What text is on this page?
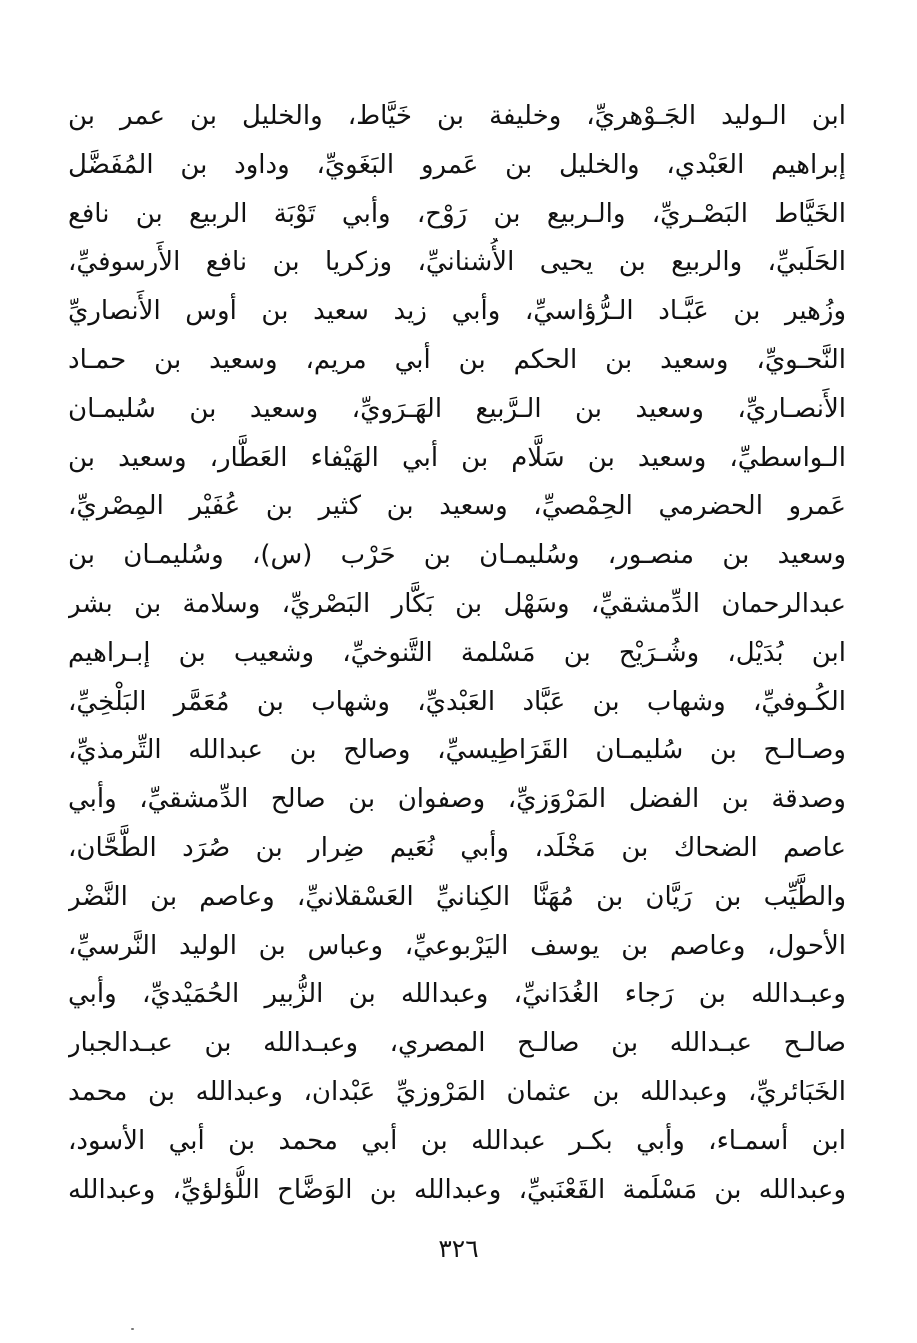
ابن الـوليد الجَـوْهريِّ، وخليفة بن خَيَّاط، والخليل بن عمر بن
إبراهيم العَبْدي، والخليل بن عَمرو البَغَويِّ، وداود بن المُفَضَّل
الخَيَّاط البَصْـريِّ، والـربيع بن رَوْح، وأبي تَوْبَة الربيع بن نافع
الحَلَبيِّ، والربيع بن يحيى الأُشنانيِّ، وزكريا بن نافع الأَرسوفيِّ،
وزُهير بن عَبَّـاد الـرُّؤاسيِّ، وأبي زيد سعيد بن أوس الأَنصاريِّ
النَّحـويِّ، وسعيد بن الحكم بن أبي مريم، وسعيد بن حمـاد
الأَنصـاريِّ، وسعيد بن الـرَّبيع الهَـرَويِّ، وسعيد بن سُليمـان
الـواسطيِّ، وسعيد بن سَلَّام بن أبي الهَيْفاء العَطَّار، وسعيد بن
عَمرو الحضرمي الحِمْصيِّ، وسعيد بن كثير بن عُفَيْر المِصْريِّ،
وسعيد بن منصـور، وسُليمـان بن حَرْب (س)، وسُليمـان بن
عبدالرحمان الدِّمشقيِّ، وسَهْل بن بَكَّار البَصْريِّ، وسلامة بن بشر
ابن بُدَيْل، وشُـرَيْح بن مَسْلمة التَّنوخيِّ، وشعيب بن إبـراهيم
الكُـوفيِّ، وشهاب بن عَبَّاد العَبْديِّ، وشهاب بن مُعَمَّر البَلْخِيِّ،
وصـالـح بن سُليمـان القَرَاطِيسيِّ، وصالح بن عبدالله التِّرمذيِّ،
وصدقة بن الفضل المَرْوَزيِّ، وصفوان بن صالح الدِّمشقيِّ، وأبي
عاصم الضحاك بن مَخْلَد، وأبي نُعَيم ضِرار بن صُرَد الطَّحَّان،
والطَّيِّب بن رَيَّان بن مُهَنَّا الكِنانيِّ العَسْقلانيِّ، وعاصم بن النَّضْر
الأحول، وعاصم بن يوسف اليَرْبوعيِّ، وعباس بن الوليد النَّرسيِّ،
وعبـدالله بن رَجاء الغُدَانيِّ، وعبدالله بن الزُّبير الحُمَيْديِّ، وأبي
صالـح عبـدالله بن صالـح المصري، وعبـدالله بن عبـدالجبار
الخَبَائريِّ، وعبدالله بن عثمان المَرْوزيِّ عَبْدان، وعبدالله بن محمد
ابن أسمـاء، وأبي بكـر عبدالله بن أبي محمد بن أبي الأسود،
وعبدالله بن مَسْلَمة القَعْنَبيِّ، وعبدالله بن الوَضَّاح اللُّؤلؤيِّ، وعبدالله
٣٢٦
